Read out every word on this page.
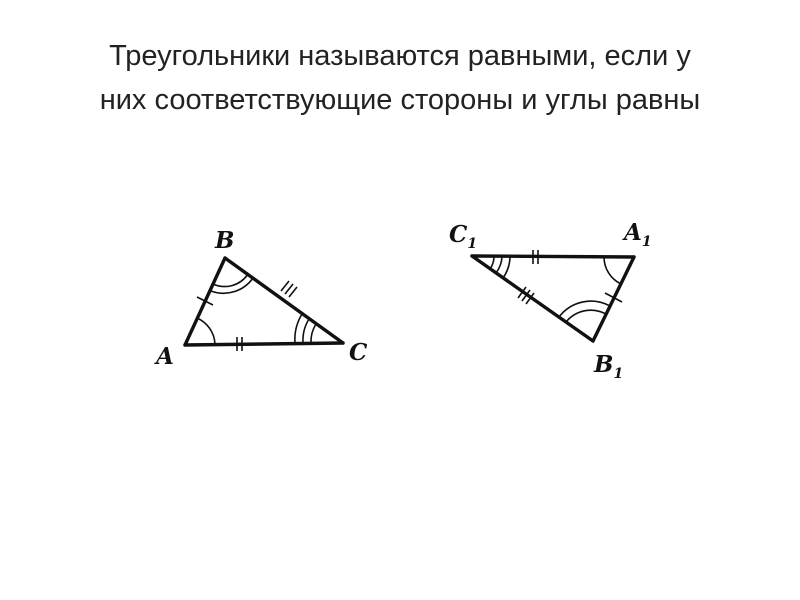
Треугольники называются равными, если у
них соответствующие стороны и углы равны
A
B
C
$C_1$	$A_1$
$B_1$
